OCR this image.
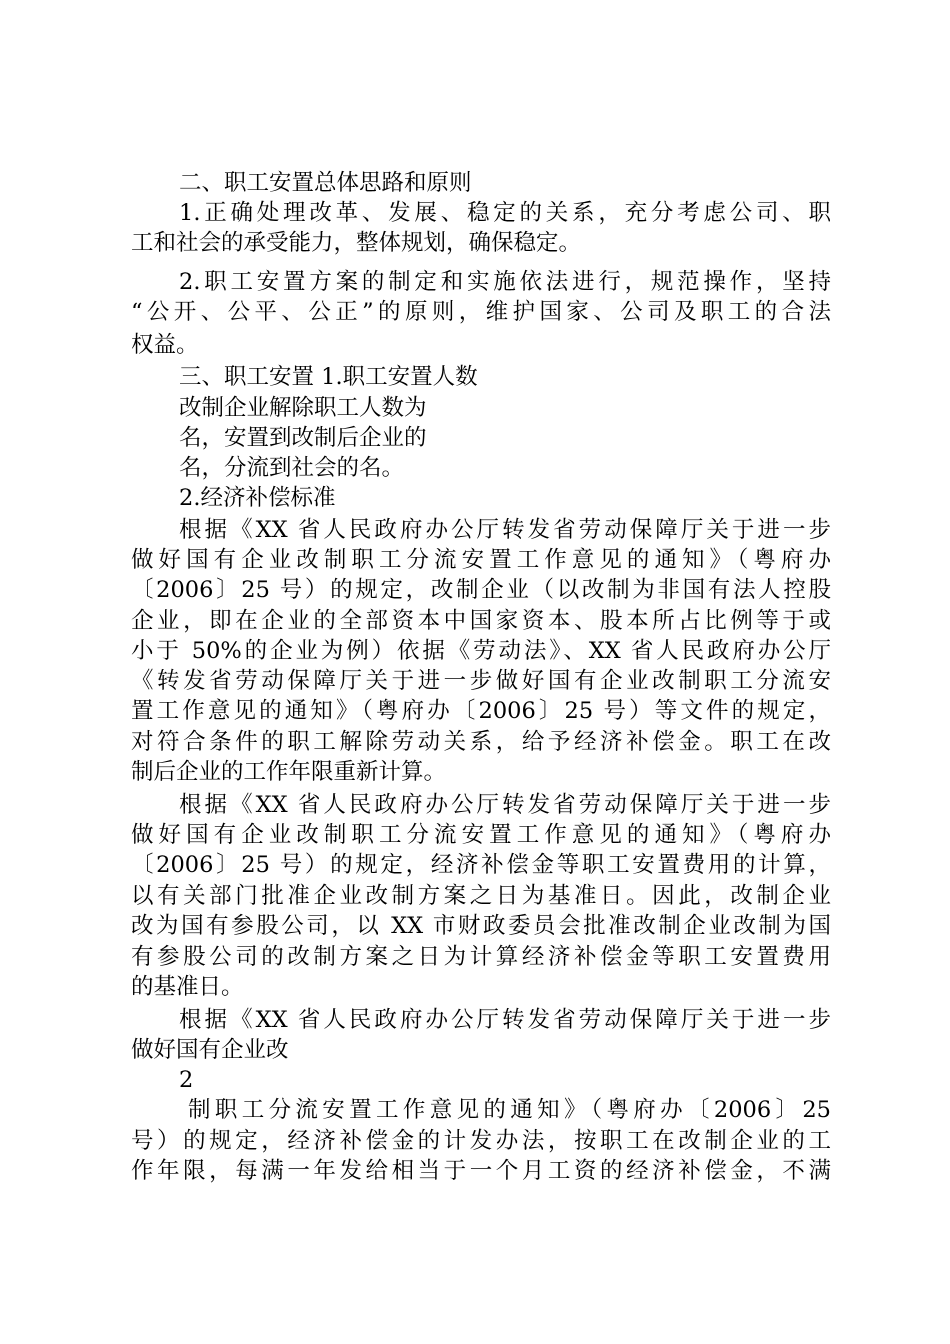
二、职工安置总体思路和原则
1.正确处理改革、发展、稳定的关系，充分考虑公司、职
工和社会的承受能力，整体规划，确保稳定。
2.职工安置方案的制定和实施依法进行，规范操作，坚持
“公开、公平、公正”的原则，维护国家、公司及职工的合法
权益。
三、职工安置 1.职工安置人数
改制企业解除职工人数为
名，安置到改制后企业的
名，分流到社会的名。
2.经济补偿标准
根据《XX 省人民政府办公厅转发省劳动保障厅关于进一步
做好国有企业改制职工分流安置工作意见的通知》（粤府办
〔2006〕25 号）的规定，改制企业（以改制为非国有法人控股
企业，即在企业的全部资本中国家资本、股本所占比例等于或
小于 50%的企业为例）依据《劳动法》、XX 省人民政府办公厅
《转发省劳动保障厅关于进一步做好国有企业改制职工分流安
置工作意见的通知》（粤府办〔2006〕25 号）等文件的规定，
对符合条件的职工解除劳动关系，给予经济补偿金。职工在改
制后企业的工作年限重新计算。
根据《XX 省人民政府办公厅转发省劳动保障厅关于进一步
做好国有企业改制职工分流安置工作意见的通知》（粤府办
〔2006〕25 号）的规定，经济补偿金等职工安置费用的计算，
以有关部门批准企业改制方案之日为基准日。因此，改制企业
改为国有参股公司，以 XX 市财政委员会批准改制企业改制为国
有参股公司的改制方案之日为计算经济补偿金等职工安置费用
的基准日。
根据《XX 省人民政府办公厅转发省劳动保障厅关于进一步
做好国有企业改
2
制职工分流安置工作意见的通知》（粤府办〔2006〕25
号）的规定，经济补偿金的计发办法，按职工在改制企业的工
作年限，每满一年发给相当于一个月工资的经济补偿金，不满
